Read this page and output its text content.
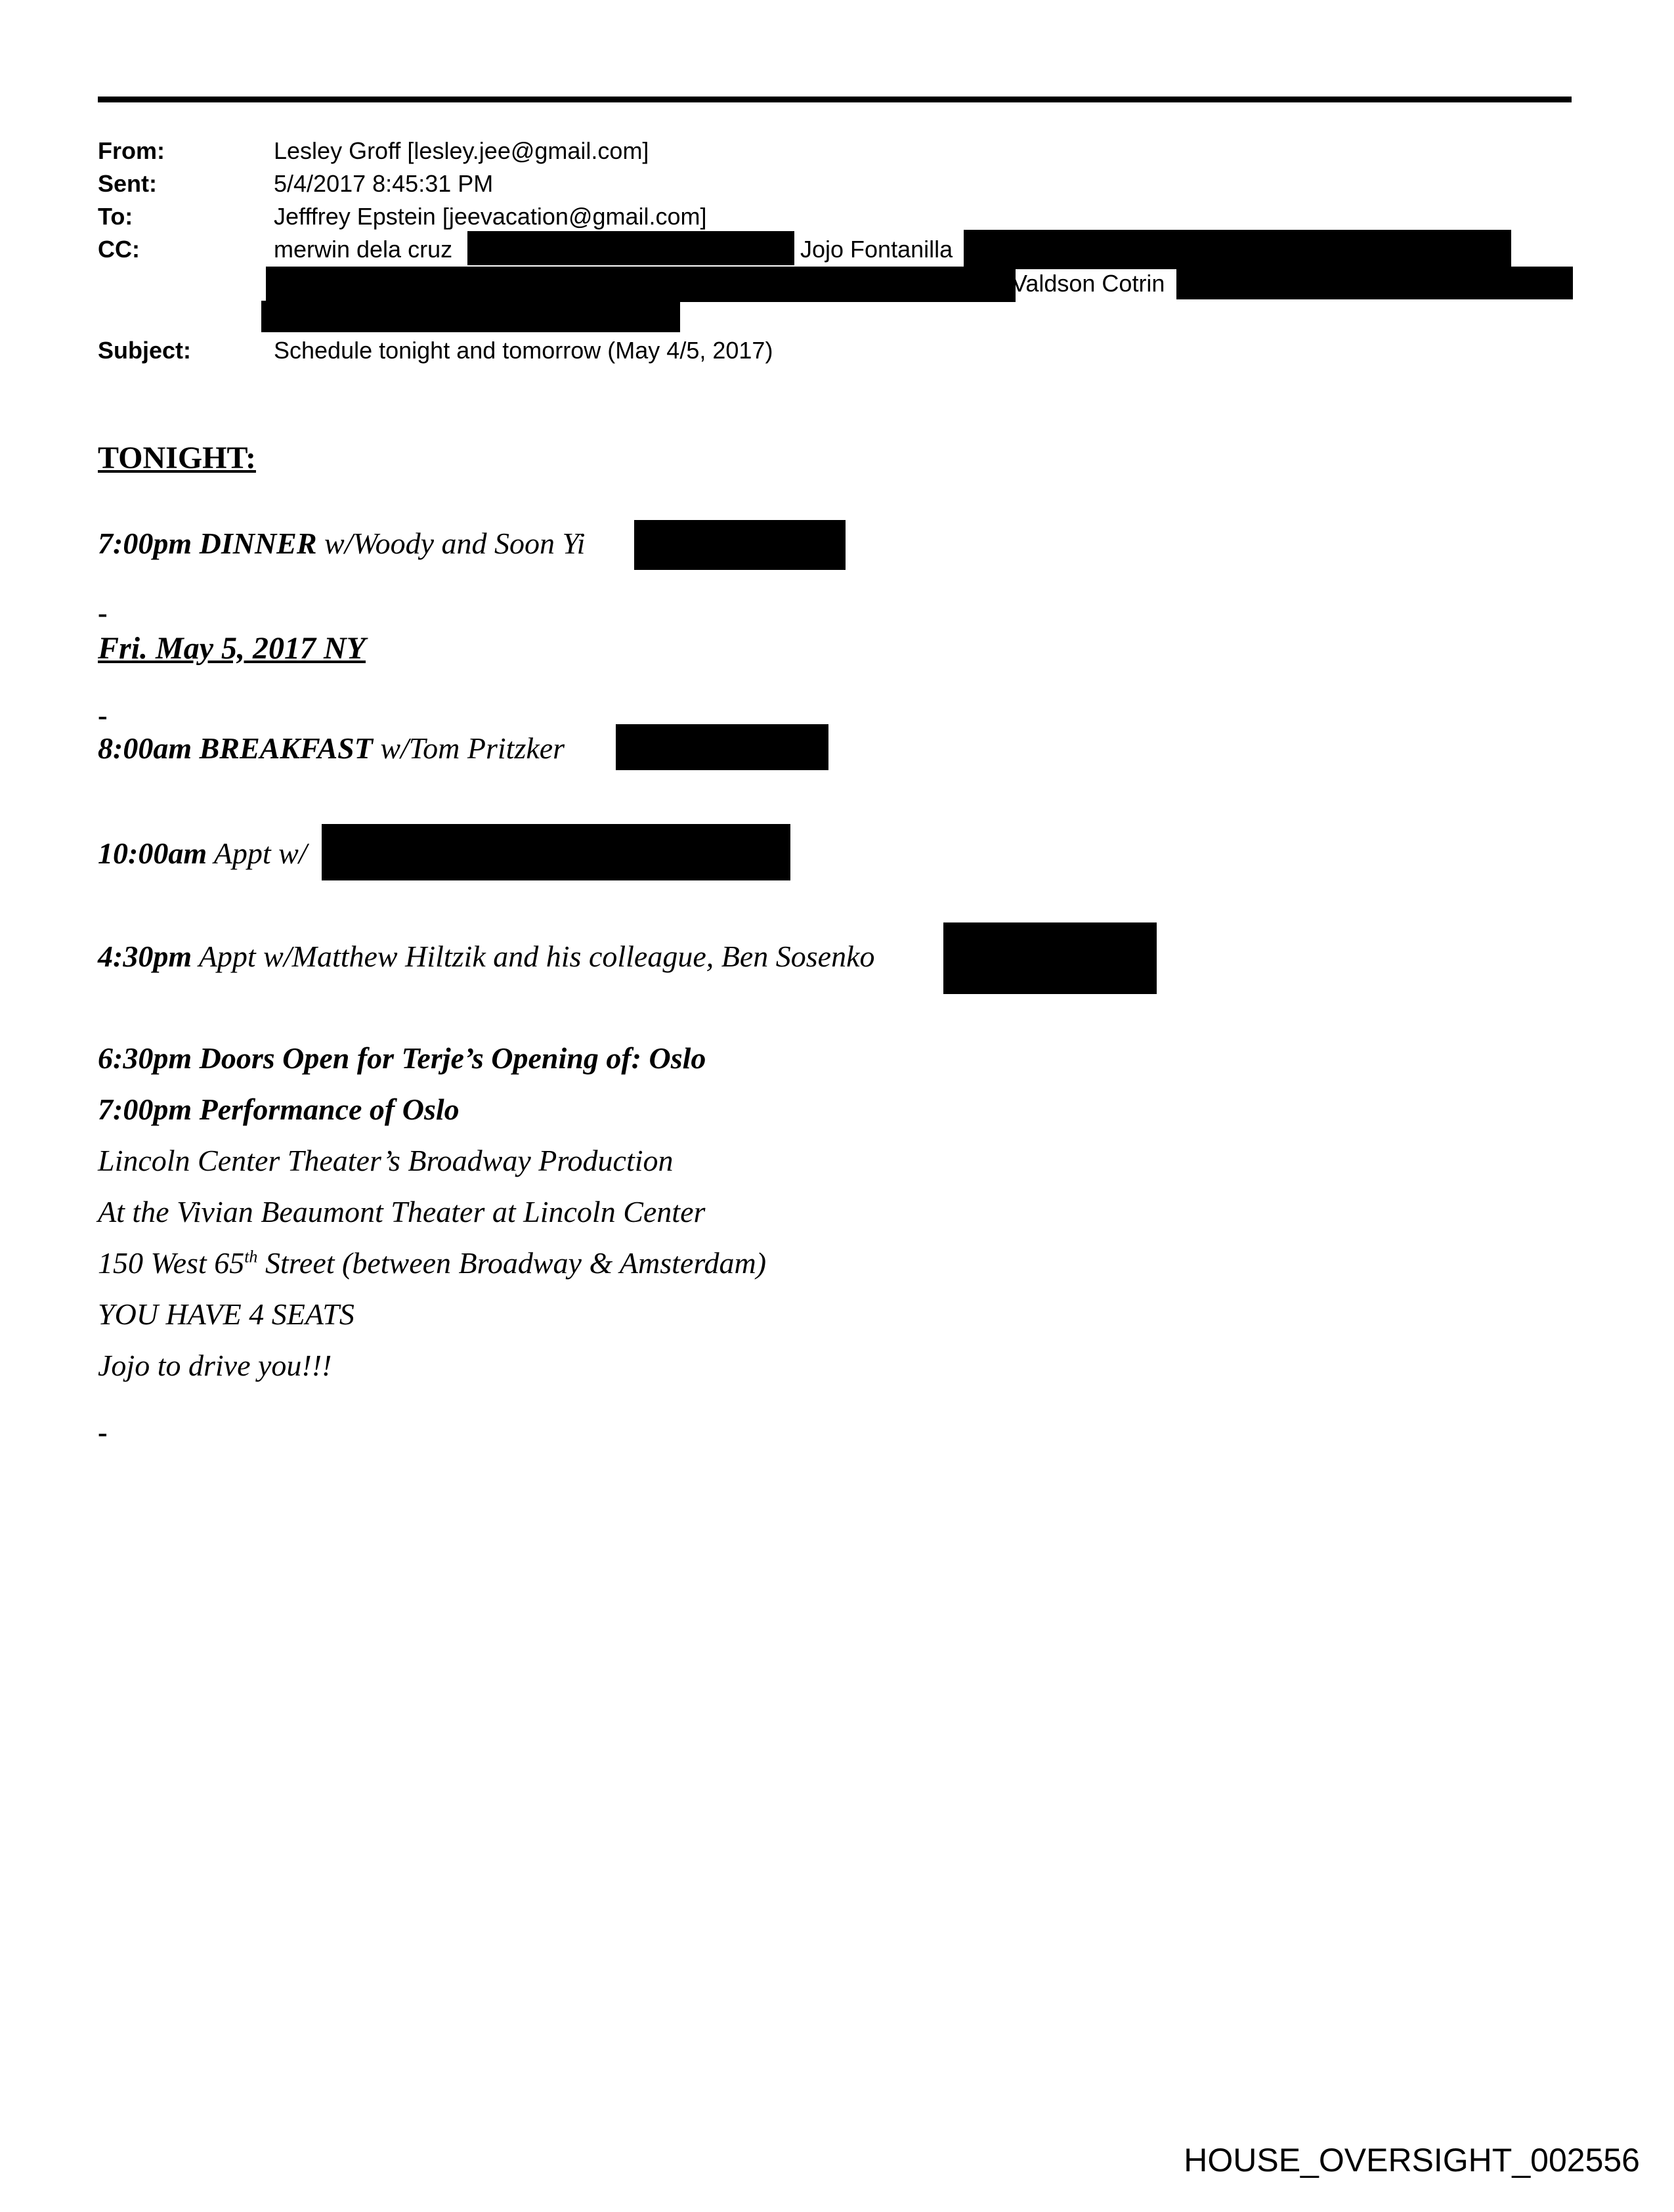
From:	Lesley Groff [lesley.jee@gmail.com]
Sent:	5/4/2017 8:45:31 PM
To:	Jefffrey Epstein [jeevacation@gmail.com]
CC:	merwin dela cruz	Jojo Fontanilla
Valdson Cotrin
Subject:	Schedule tonight and tomorrow (May 4/5, 2017)
TONIGHT:
7:00pm DINNER w/Woody and Soon Yi
-
Fri. May 5, 2017 NY
-
8:00am BREAKFAST w/Tom Pritzker
10:00am Appt w/
4:30pm Appt w/Matthew Hiltzik and his colleague, Ben Sosenko
6:30pm Doors Open for Terje’s Opening of: Oslo
7:00pm Performance of Oslo
Lincoln Center Theater’s Broadway Production
At the Vivian Beaumont Theater at Lincoln Center
150 West 65th Street (between Broadway & Amsterdam)
YOU HAVE 4 SEATS
Jojo to drive you!!!
-
HOUSE_OVERSIGHT_002556
